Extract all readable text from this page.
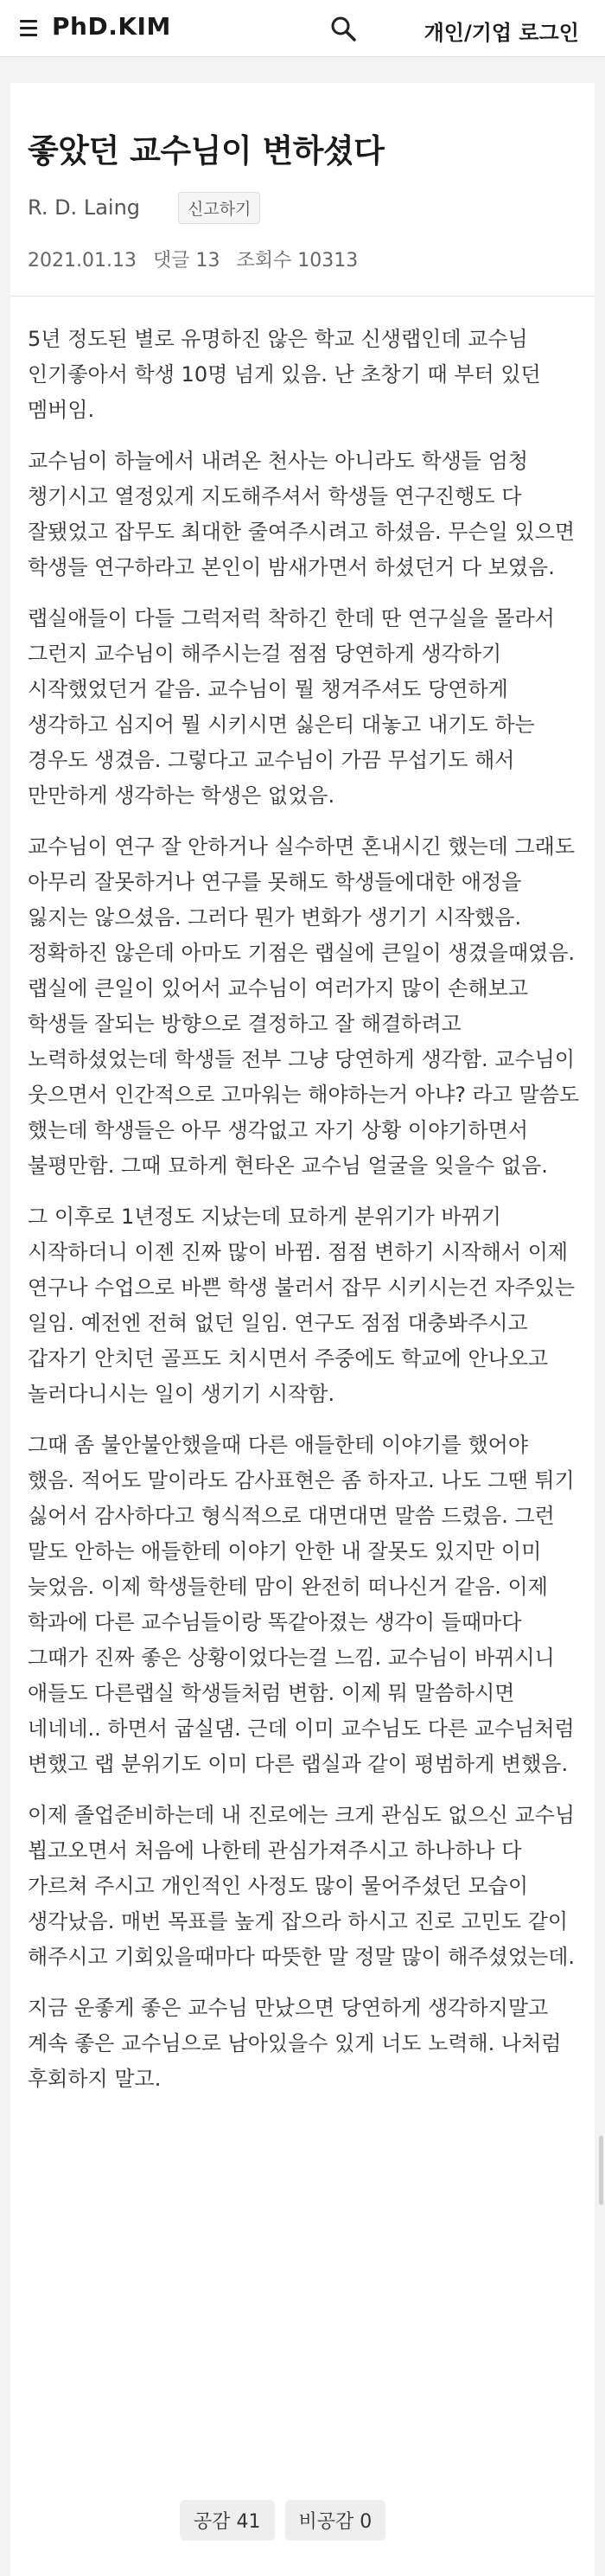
PhD.KIM	개인/기업 로그인
좋았던 교수님이 변하셨다
R. D. Laing	신고하기
2021.01.13 댓글 13 조회수 10313

5년 정도된 별로 유명하진 않은 학교 신생랩인데 교수님 인기좋아서 학생 10명 넘게 있음. 난 초창기 때 부터 있던 멤버임.

교수님이 하늘에서 내려온 천사는 아니라도 학생들 엄청 챙기시고 열정있게 지도해주셔서 학생들 연구진행도 다 잘됐었고 잡무도 최대한 줄여주시려고 하셨음. 무슨일 있으면 학생들 연구하라고 본인이 밤새가면서 하셨던거 다 보였음.

랩실애들이 다들 그럭저럭 착하긴 한데 딴 연구실을 몰라서 그런지 교수님이 해주시는걸 점점 당연하게 생각하기 시작했었던거 같음. 교수님이 뭘 챙겨주셔도 당연하게 생각하고 심지어 뭘 시키시면 싫은티 대놓고 내기도 하는 경우도 생겼음. 그렇다고 교수님이 가끔 무섭기도 해서 만만하게 생각하는 학생은 없었음.

교수님이 연구 잘 안하거나 실수하면 혼내시긴 했는데 그래도 아무리 잘못하거나 연구를 못해도 학생들에대한 애정을 잃지는 않으셨음. 그러다 뭔가 변화가 생기기 시작했음. 정확하진 않은데 아마도 기점은 랩실에 큰일이 생겼을때였음. 랩실에 큰일이 있어서 교수님이 여러가지 많이 손해보고 학생들 잘되는 방향으로 결정하고 잘 해결하려고 노력하셨었는데 학생들 전부 그냥 당연하게 생각함. 교수님이 웃으면서 인간적으로 고마워는 해야하는거 아냐? 라고 말씀도 했는데 학생들은 아무 생각없고 자기 상황 이야기하면서 불평만함. 그때 묘하게 현타온 교수님 얼굴을 잊을수 없음.

그 이후로 1년정도 지났는데 묘하게 분위기가 바뀌기 시작하더니 이젠 진짜 많이 바뀜. 점점 변하기 시작해서 이제 연구나 수업으로 바쁜 학생 불러서 잡무 시키시는건 자주있는 일임. 예전엔 전혀 없던 일임. 연구도 점점 대충봐주시고 갑자기 안치던 골프도 치시면서 주중에도 학교에 안나오고 놀러다니시는 일이 생기기 시작함.

그때 좀 불안불안했을때 다른 애들한테 이야기를 했어야 했음. 적어도 말이라도 감사표현은 좀 하자고. 나도 그땐 튀기 싫어서 감사하다고 형식적으로 대면대면 말씀 드렸음. 그런 말도 안하는 애들한테 이야기 안한 내 잘못도 있지만 이미 늦었음. 이제 학생들한테 맘이 완전히 떠나신거 같음. 이제 학과에 다른 교수님들이랑 똑같아졌는 생각이 들때마다 그때가 진짜 좋은 상황이었다는걸 느낌. 교수님이 바뀌시니 애들도 다른랩실 학생들처럼 변함. 이제 뭐 말씀하시면 네네네.. 하면서 굽실댐. 근데 이미 교수님도 다른 교수님처럼 변했고 랩 분위기도 이미 다른 랩실과 같이 평범하게 변했음.

이제 졸업준비하는데 내 진로에는 크게 관심도 없으신 교수님 뵙고오면서 처음에 나한테 관심가져주시고 하나하나 다 가르쳐 주시고 개인적인 사정도 많이 물어주셨던 모습이 생각났음. 매번 목표를 높게 잡으라 하시고 진로 고민도 같이 해주시고 기회있을때마다 따뜻한 말 정말 많이 해주셨었는데.

지금 운좋게 좋은 교수님 만났으면 당연하게 생각하지말고 계속 좋은 교수님으로 남아있을수 있게 너도 노력해. 나처럼 후회하지 말고.

공감 41	비공감 0
